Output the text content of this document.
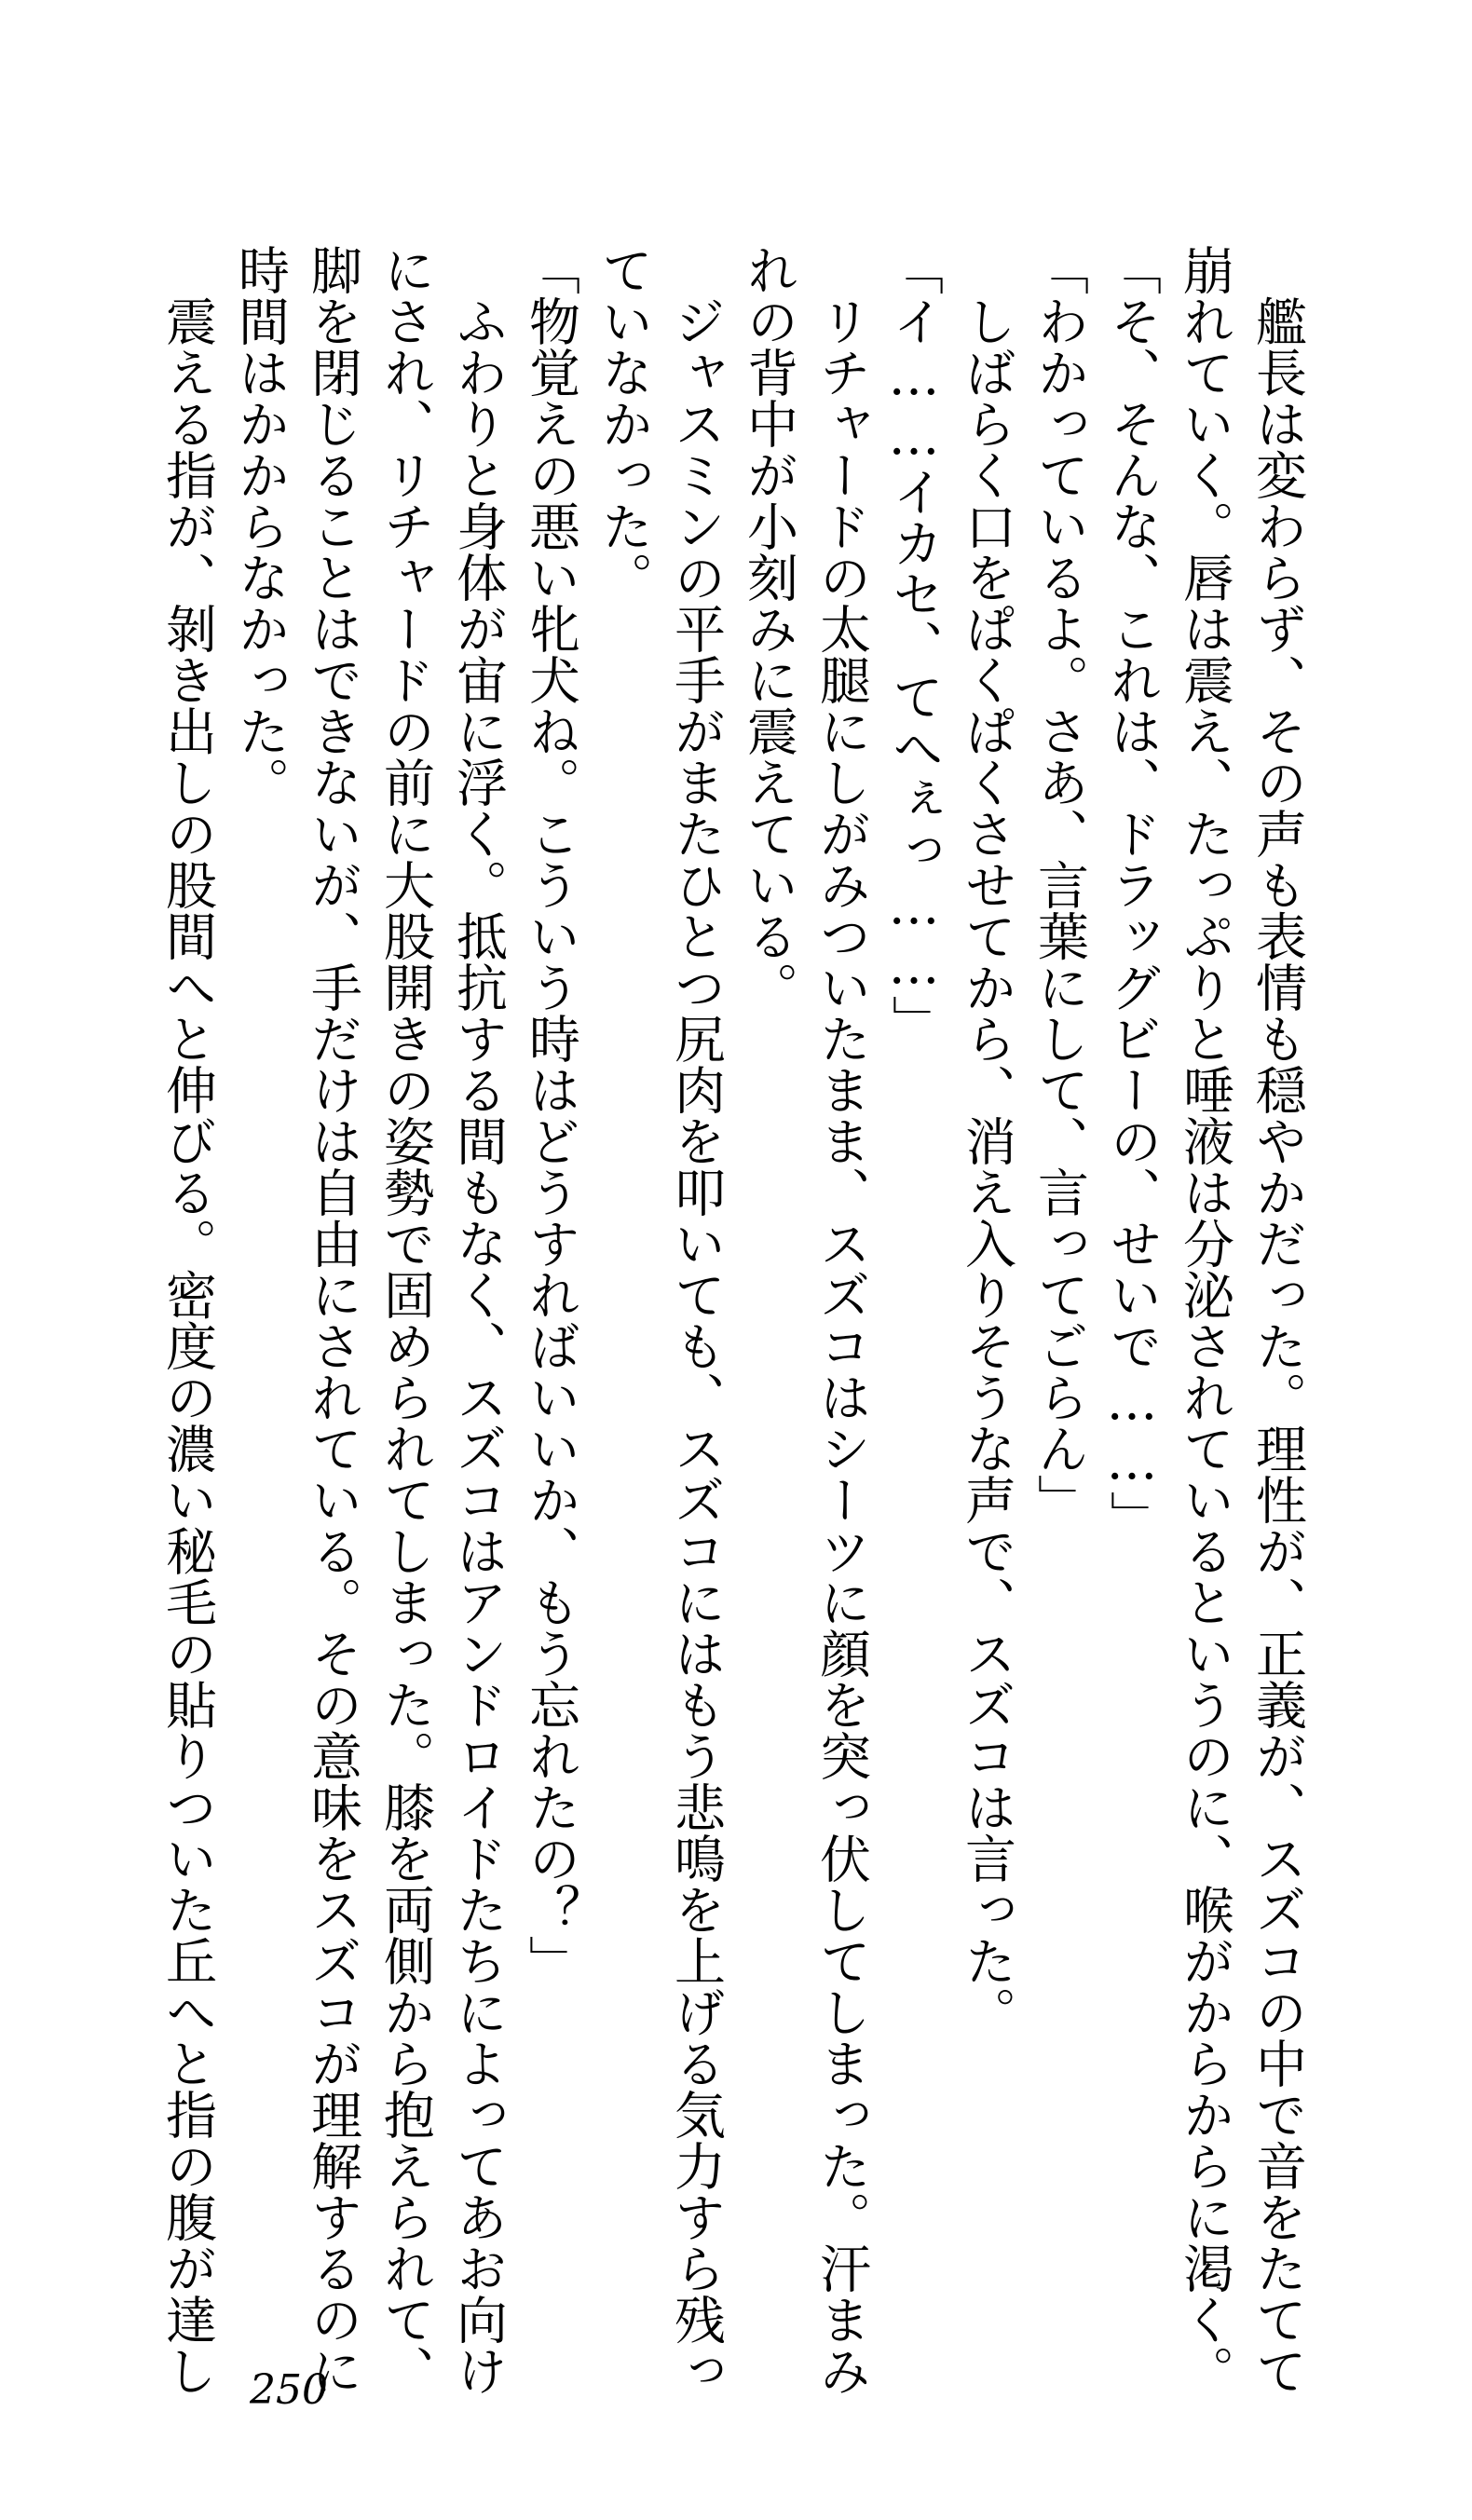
艦長は変わらず、その声も表情も穏やかだった。理性が、正義が、スズコの中で音をたてて
崩れていく。唇は震え、たっぷりと唾液は分泌されているというのに、喉がからからに渇く。
「そ、そんな、これは、ドラッグビーの、せいで……」
「わかっているよ。さあ、言葉にして、言ってごらん」
しばらく口をぱくぱくさせてから、消え入りそうな声で、スズコは言った。
「イ……イカセ、てへぇっ……」
リチャードの太腿にしがみついたまま、スズコはシーツに顔を突っ伏してしまった。汗まみ
れの背中が小刻みに震えている。
ジャスミンの平手がまたひとつ尻肉を叩いても、スズコにはもう悲鳴を上げる気力すら残っ
ていなかった。
「物覚えの悪い牝犬ね。こういう時はどうすればいいか、もう忘れたの？」
ふわりと身体が宙に浮く。抵抗する間もなく、スズコはアンドロイドたちによってあお向け
にされ、リチャードの前に大股開きの姿勢で固められてしまった。膝を両側から抱えられて、
脚を閉じることはできないが、手だけは自由にされている。その意味をスズコが理解するのに
時間はかからなかった。
震える指が、剝き出しの股間へと伸びる。密度の濃い秘毛の貼りついた丘へと指の腹が達し 250
